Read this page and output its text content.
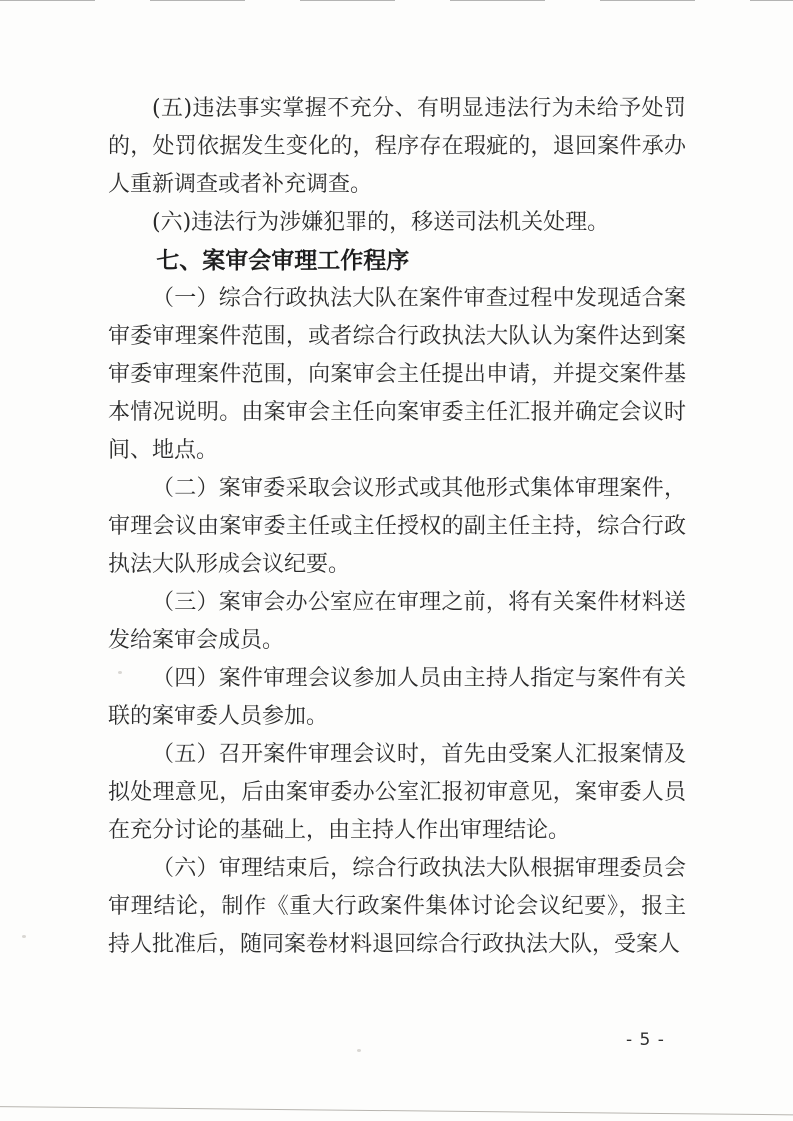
(五)违法事实掌握不充分、有明显违法行为未给予处罚的，处罚依据发生变化的，程序存在瑕疵的，退回案件承办人重新调查或者补充调查。

(六)违法行为涉嫌犯罪的，移送司法机关处理。

七、案审会审理工作程序

（一）综合行政执法大队在案件审查过程中发现适合案审委审理案件范围，或者综合行政执法大队认为案件达到案审委审理案件范围，向案审会主任提出申请，并提交案件基本情况说明。由案审会主任向案审委主任汇报并确定会议时间、地点。

（二）案审委采取会议形式或其他形式集体审理案件，审理会议由案审委主任或主任授权的副主任主持，综合行政执法大队形成会议纪要。

（三）案审会办公室应在审理之前，将有关案件材料送发给案审会成员。

（四）案件审理会议参加人员由主持人指定与案件有关联的案审委人员参加。

（五）召开案件审理会议时，首先由受案人汇报案情及拟处理意见，后由案审委办公室汇报初审意见，案审委人员在充分讨论的基础上，由主持人作出审理结论。

（六）审理结束后，综合行政执法大队根据审理委员会审理结论，制作《重大行政案件集体讨论会议纪要》，报主持人批准后，随同案卷材料退回综合行政执法大队，受案人

- 5 -
